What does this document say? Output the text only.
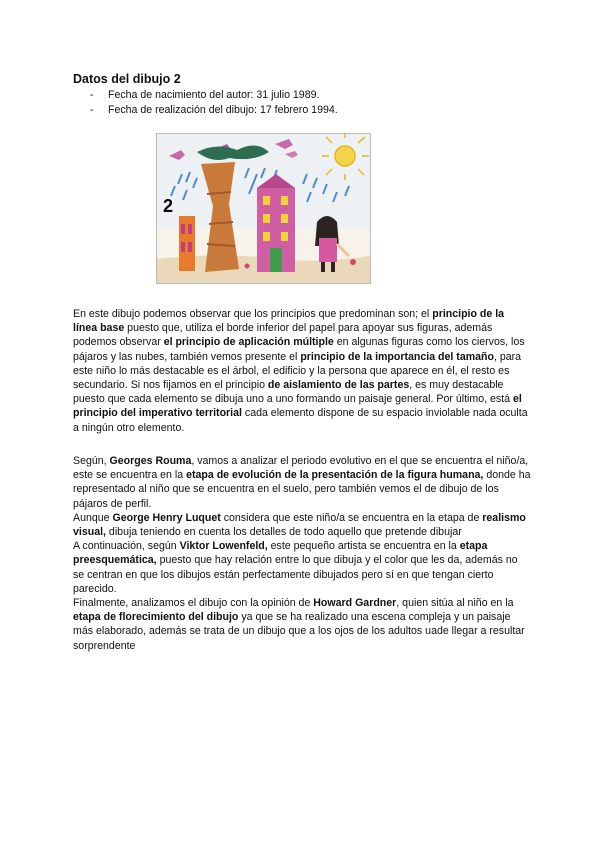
Datos del dibujo 2
- Fecha de nacimiento del autor: 31 julio 1989.
- Fecha de realización del dibujo: 17 febrero 1994.
2

En este dibujo podemos observar que los principios que predominan son; el principio de la línea base puesto que, utiliza el borde inferior del papel para apoyar sus figuras, además podemos observar el principio de aplicación múltiple en algunas figuras como los ciervos, los pájaros y las nubes, también vemos presente el principio de la importancia del tamaño, para este niño lo más destacable es el árbol, el edificio y la persona que aparece en él, el resto es secundario. Si nos fijamos en el principio de aislamiento de las partes, es muy destacable puesto que cada elemento se dibuja uno a uno formando un paisaje general. Por último, está el principio del imperativo territorial cada elemento dispone de su espacio inviolable nada oculta a ningún otro elemento.

Según, Georges Rouma, vamos a analizar el periodo evolutivo en el que se encuentra el niño/a, este se encuentra en la etapa de evolución de la presentación de la figura humana, donde ha representado al niño que se encuentra en el suelo, pero también vemos el de dibujo de los pájaros de perfil.

Aunque George Henry Luquet considera que este niño/a se encuentra en la etapa de realismo visual, dibuja teniendo en cuenta los detalles de todo aquello que pretende dibujar

A continuación, según Viktor Lowenfeld, este pequeño artista se encuentra en la etapa preesquemática, puesto que hay relación entre lo que dibuja y el color que les da, además no se centran en que los dibujos están perfectamente dibujados pero sí en que tengan cierto parecido.

Finalmente, analizamos el dibujo con la opinión de Howard Gardner, quien sitúa al niño en la etapa de florecimiento del dibujo ya que se ha realizado una escena compleja y un paisaje más elaborado, además se trata de un dibujo que a los ojos de los adultos uade llegar a resultar sorprendente
